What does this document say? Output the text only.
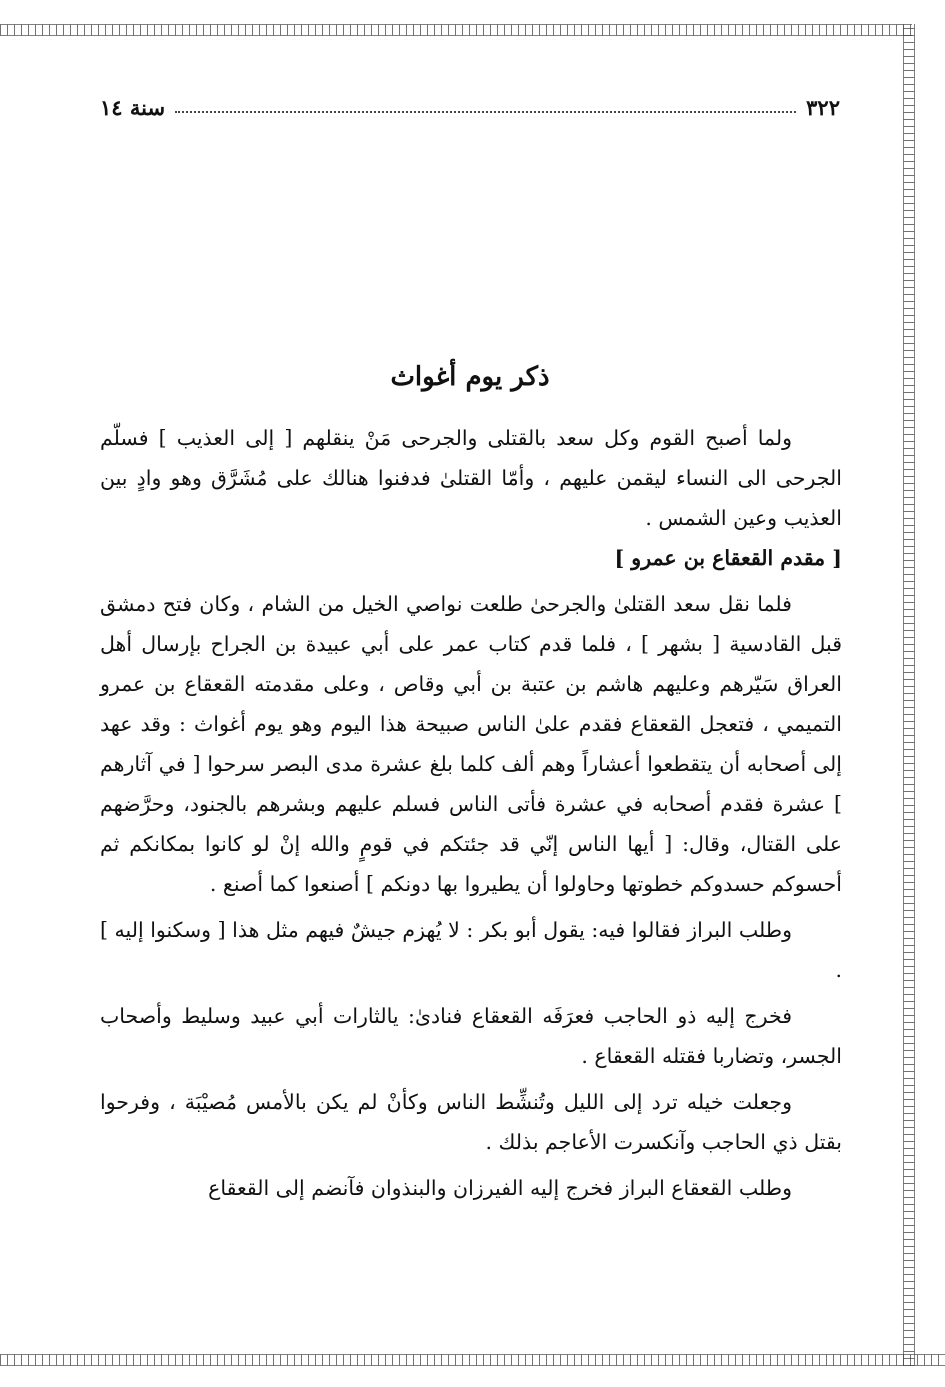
٣٢٢
سنة ١٤
ذكر يوم أغواث

ولما أصبح القوم وكل سعد بالقتلى والجرحى مَنْ ينقلهم [ إلى العذيب ] فسلّم الجرحى الى النساء ليقمن عليهم ، وأمّا القتلىٰ فدفنوا هنالك على مُشَرَّق وهو وادٍ بين العذيب وعين الشمس .

[ مقدم القعقاع بن عمرو ]

فلما نقل سعد القتلىٰ والجرحىٰ طلعت نواصي الخيل من الشام ، وكان فتح دمشق قبل القادسية [ بشهر ] ، فلما قدم كتاب عمر على أبي عبيدة بن الجراح بإرسال أهل العراق سَيّرهم وعليهم هاشم بن عتبة بن أبي وقاص ، وعلى مقدمته القعقاع بن عمرو التميمي ، فتعجل القعقاع فقدم علىٰ الناس صبيحة هذا اليوم وهو يوم أغواث : وقد عهد إلى أصحابه أن يتقطعوا أعشاراً وهم ألف كلما بلغ عشرة مدى البصر سرحوا [ في آثارهم ] عشرة فقدم أصحابه في عشرة فأتى الناس فسلم عليهم وبشرهم بالجنود، وحرَّضهم على القتال، وقال: [ أيها الناس إنّي قد جئتكم في قومٍ والله إنْ لو كانوا بمكانكم ثم أحسوكم حسدوكم خطوتها وحاولوا أن يطيروا بها دونكم ] أصنعوا كما أصنع .

وطلب البراز فقالوا فيه: يقول أبو بكر : لا يُهزم جيشٌ فيهم مثل هذا [ وسكنوا إليه ] .

فخرج إليه ذو الحاجب فعرَفَه القعقاع فنادىٰ: يالثارات أبي عبيد وسليط وأصحاب الجسر، وتضاربا فقتله القعقاع .

وجعلت خيله ترد إلى الليل وتُنشِّط الناس وكأنْ لم يكن بالأمس مُصيْبَة ، وفرحوا بقتل ذي الحاجب وآنكسرت الأعاجم بذلك .

وطلب القعقاع البراز فخرج إليه الفيرزان والبنذوان فآنضم إلى القعقاع
